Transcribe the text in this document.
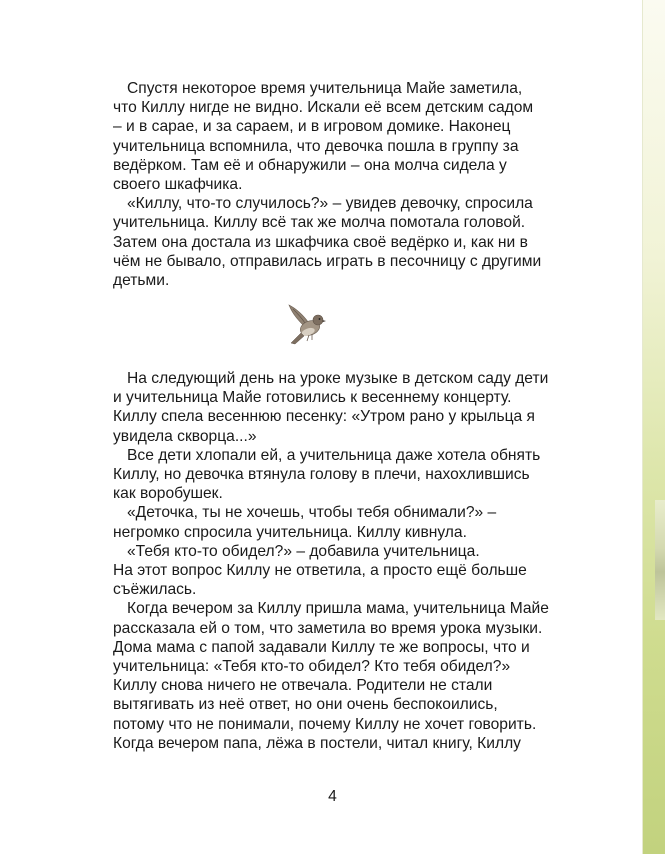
Спустя некоторое время учительница Майе заметила,

что Киллу нигде не видно. Искали её всем детским садом

– и в сарае, и за сараем, и в игровом домике. Наконец

учительница вспомнила, что девочка пошла в группу за

ведёрком. Там её и обнаружили – она молча сидела у

своего шкафчика.

«Киллу, что-то случилось?» – увидев девочку, спросила

учительница. Киллу всё так же молча помотала головой.

Затем она достала из шкафчика своё ведёрко и, как ни в

чём не бывало, отправилась играть в песочницу с другими

детьми.

На следующий день на уроке музыке в детском саду дети

и учительница Майе готовились к весеннему концерту.

Киллу спела весеннюю песенку: «Утром рано у крыльца я

увидела скворца...»

Все дети хлопали ей, а учительница даже хотела обнять

Киллу, но девочка втянула голову в плечи, нахохлившись

как воробушек.

«Деточка, ты не хочешь, чтобы тебя обнимали?» –

негромко спросила учительница. Киллу кивнула.

«Тебя кто-то обидел?» – добавила учительница.

На этот вопрос Киллу не ответила, а просто ещё больше

съёжилась.

Когда вечером за Киллу пришла мама, учительница Майе

рассказала ей о том, что заметила во время урока музыки.

Дома мама с папой задавали Киллу те же вопросы, что и

учительница: «Тебя кто-то обидел? Кто тебя обидел?»

Киллу снова ничего не отвечала. Родители не стали

вытягивать из неё ответ, но они очень беспокоились,

потому что не понимали, почему Киллу не хочет говорить.

Когда вечером папа, лёжа в постели, читал книгу, Киллу

4
